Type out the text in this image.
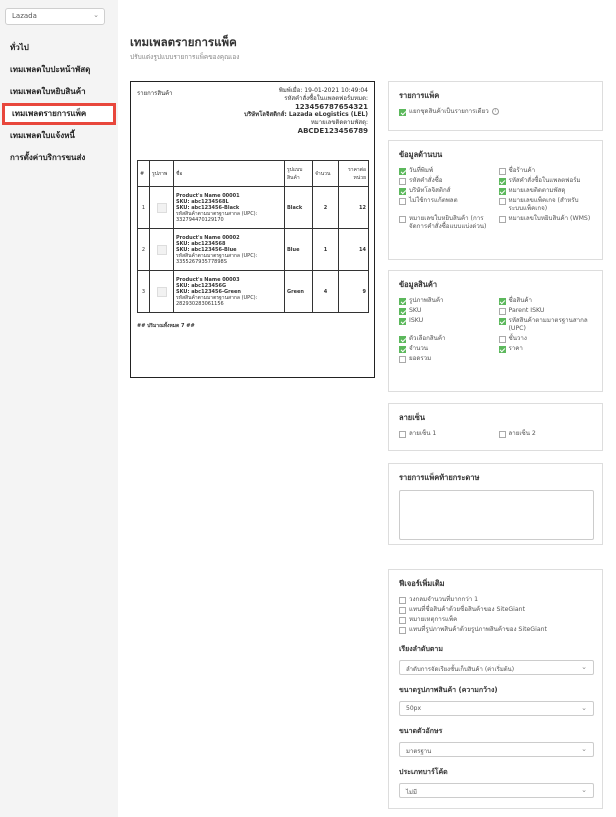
Lazada	⌄
ทั่วไป
เทมเพลตใบปะหน้าพัสดุ
เทมเพลตใบหยิบสินค้า
เทมเพลตรายการแพ็ค
เทมเพลตใบแจ้งหนี้
การตั้งค่าบริการขนส่ง
เทมเพลตรายการแพ็ค
ปรับแต่งรูปแบบรายการแพ็คของคุณเอง
รายการสินค้า	พิมพ์เมื่อ: 19-01-2021 10:49:04
รหัสคำสั่งซื้อในแพลตฟอร์มหมด:
123456787654321
บริษัทโลจิสติกส์: Lazada eLogistics (LEL)
หมายเลขติดตามพัสดุ:
ABCDE123456789
#	รูปภาพ	ชื่อ	รูปแบบสินค้า	จำนวน	ราคาต่อหน่วย
1		Product's Name 00001
SKU: abc1234568L
SKU: abc123456-Black
รหัสสินค้าตามมาตรฐานสากล (UPC): 332794470129170	Black	2	12
2		Product's Name 00002
SKU: abc1234568
SKU: abc123456-Blue
รหัสสินค้าตามมาตรฐานสากล (UPC): 335526793577898S	Blue	1	14
3		Product's Name 00003
SKU: abc123456G
SKU: abc123456-Green
รหัสสินค้าตามมาตรฐานสากล (UPC): 282930283061156	Green	4	9
## ปริมาณทั้งหมด 7 ##
รายการแพ็ค
แยกชุดสินค้าเป็นรายการเดียว	i
ข้อมูลด้านบน
วันที่พิมพ์	ชื่อร้านค้า
รหัสคำสั่งซื้อ	รหัสคำสั่งซื้อในแพลตฟอร์ม
บริษัทโลจิสติกส์	หมายเลขติดตามพัสดุ
ไม่ใช้การแก้ตพลต	หมายเลขแพ็คเกจ (สำหรับระบบแพ็คเกจ)
หมายเลขใบหยิบสินค้า (การจัดการคำสั่งซื้อแบบแบ่งด่วน)
หมายเลขใบหยิบสินค้า (WMS)
ข้อมูลสินค้า
รูปภาพสินค้า	ชื่อสินค้า
SKU	Parent ISKU
ISKU	รหัสสินค้าตามมาตรฐานสากล (UPC)
ตัวเลือกสินค้า	ชั้นวาง
จำนวน	ราคา
ยอดรวม
ลายเซ็น
ลายเซ็น 1	ลายเซ็น 2
รายการแพ็คท้ายกระดาษ
ฟีเจอร์เพิ่มเติม
วงกลมจำนวนที่มากกว่า 1
แทนที่ชื่อสินค้าด้วยชื่อสินค้าของ SiteGiant
หมายเหตุการแพ็ค
แทนที่รูปภาพสินค้าด้วยรูปภาพสินค้าของ SiteGiant
เรียงลำดับตาม
ลำดับการจัดเรียงชั้นเก็บสินค้า (ค่าเริ่มต้น)	⌄
ขนาดรูปภาพสินค้า (ความกว้าง)
50px	⌄
ขนาดตัวอักษร
มาตรฐาน	⌄
ประเภทบาร์โค้ด
ไม่มี	⌄
